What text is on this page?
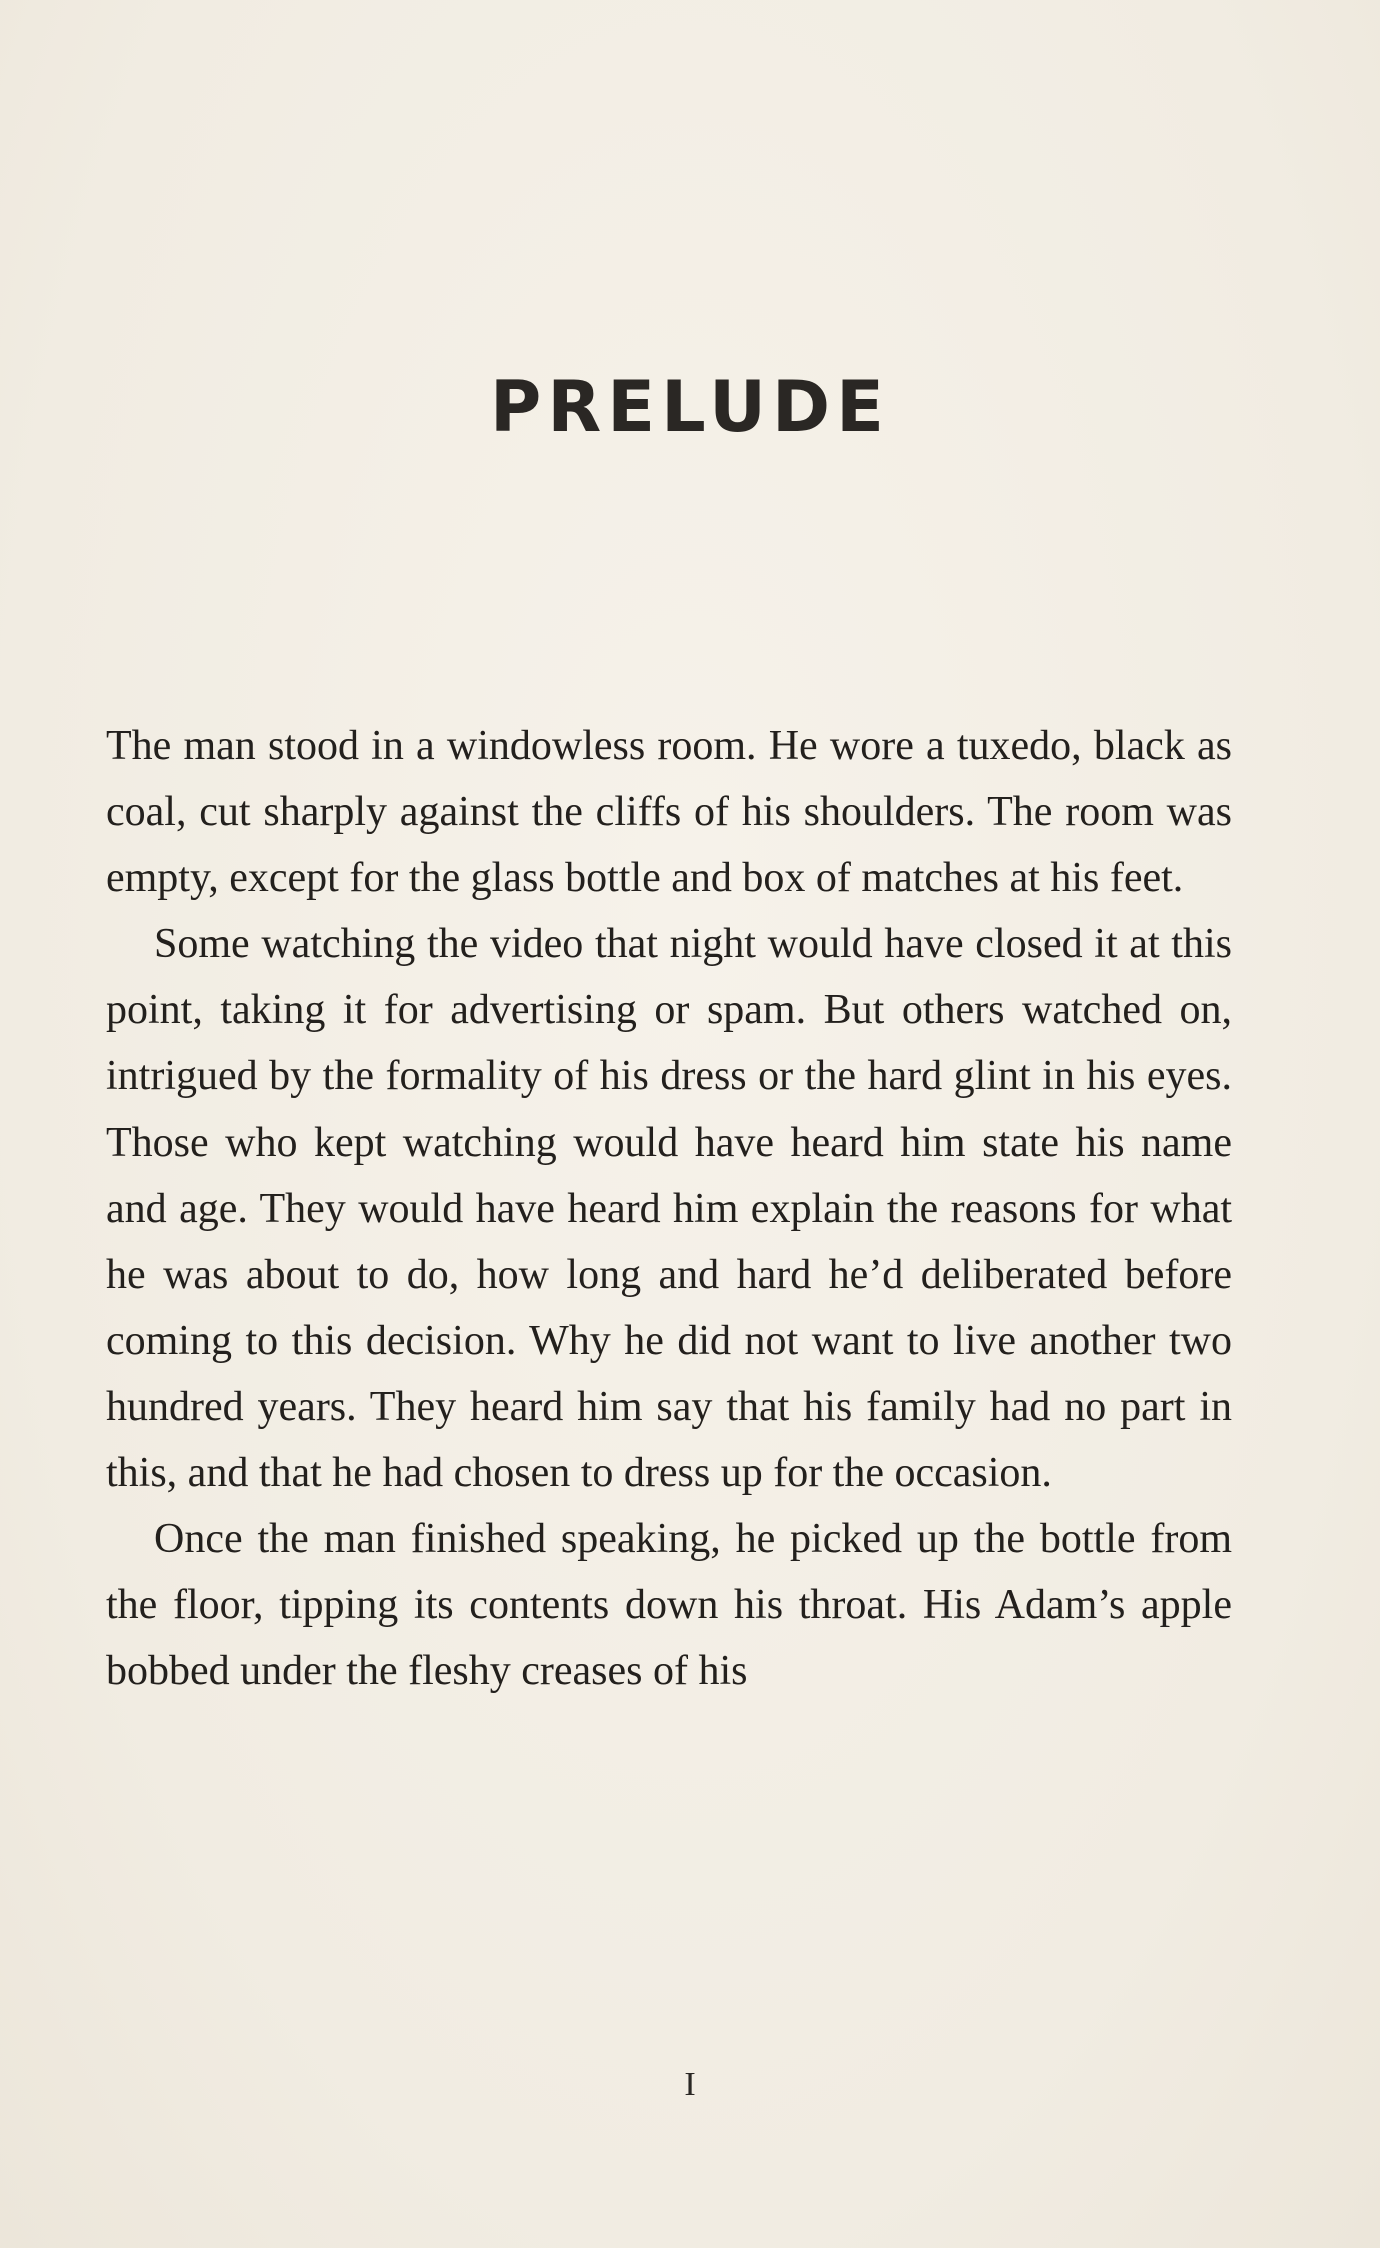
PRELUDE

The man stood in a windowless room. He wore a tuxedo, black as coal, cut sharply against the cliffs of his shoulders. The room was empty, except for the glass bottle and box of matches at his feet.

Some watching the video that night would have closed it at this point, taking it for advertising or spam. But others watched on, intrigued by the formality of his dress or the hard glint in his eyes. Those who kept watching would have heard him state his name and age. They would have heard him explain the reasons for what he was about to do, how long and hard he’d deliberated before coming to this decision. Why he did not want to live another two hundred years. They heard him say that his family had no part in this, and that he had chosen to dress up for the occasion.

Once the man finished speaking, he picked up the bottle from the floor, tipping its contents down his throat. His Adam’s apple bobbed under the fleshy creases of his

I
